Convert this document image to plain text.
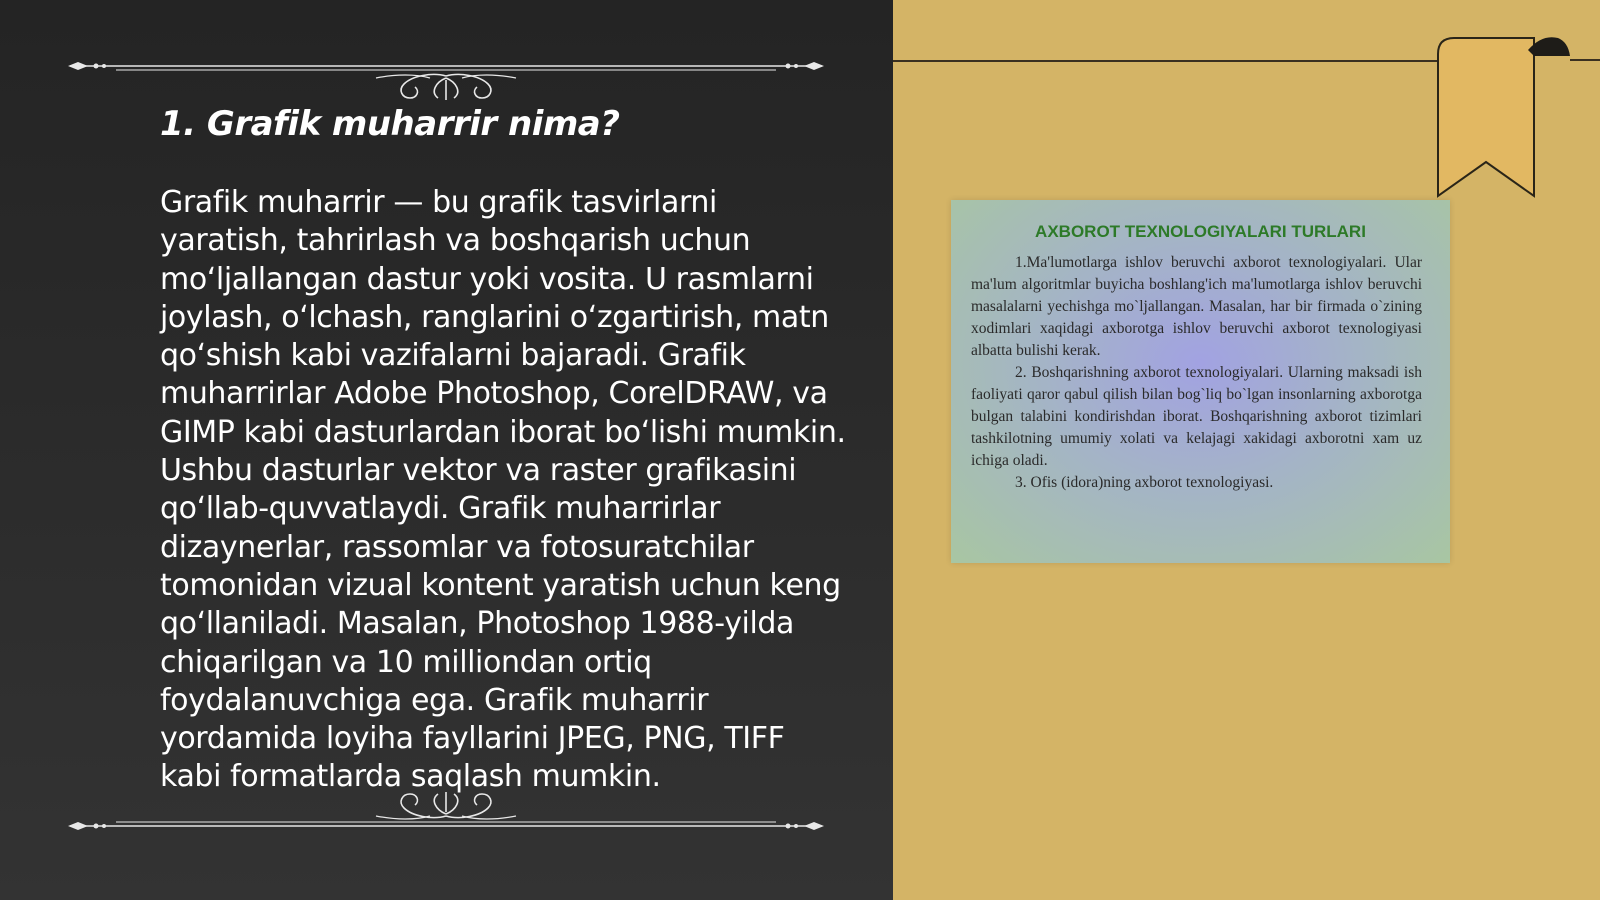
1. Grafik muharrir nima?

Grafik muharrir — bu grafik tasvirlarni yaratish, tahrirlash va boshqarish uchun moʻljallangan dastur yoki vosita. U rasmlarni joylash, oʻlchash, ranglarini oʻzgartirish, matn qoʻshish kabi vazifalarni bajaradi. Grafik muharrirlar Adobe Photoshop, CorelDRAW, va GIMP kabi dasturlardan iborat boʻlishi mumkin. Ushbu dasturlar vektor va raster grafikasini qoʻllab-quvvatlaydi. Grafik muharrirlar dizaynerlar, rassomlar va fotosuratchilar tomonidan vizual kontent yaratish uchun keng qoʻllaniladi. Masalan, Photoshop 1988-yilda chiqarilgan va 10 milliondan ortiq foydalanuvchiga ega. Grafik muharrir yordamida loyiha fayllarini JPEG, PNG, TIFF kabi formatlarda saqlash mumkin.

AXBOROT TEXNOLOGIYALARI TURLARI

1.Ma'lumotlarga ishlov beruvchi axborot texnologiyalari. Ular ma'lum algoritmlar buyicha boshlang'ich ma'lumotlarga ishlov beruvchi masalalarni yechishga mo`ljallangan. Masalan, har bir firmada o`zining xodimlari xaqidagi axborotga ishlov beruvchi axborot texnologiyasi albatta bulishi kerak.

2. Boshqarishning axborot texnologiyalari. Ularning maksadi ish faoliyati qaror qabul qilish bilan bog`liq bo`lgan insonlarning axborotga bulgan talabini kondirishdan iborat. Boshqarishning axborot tizimlari tashkilotning umumiy xolati va kelajagi xakidagi axborotni xam uz ichiga oladi.

3. Ofis (idora)ning axborot texnologiyasi.
